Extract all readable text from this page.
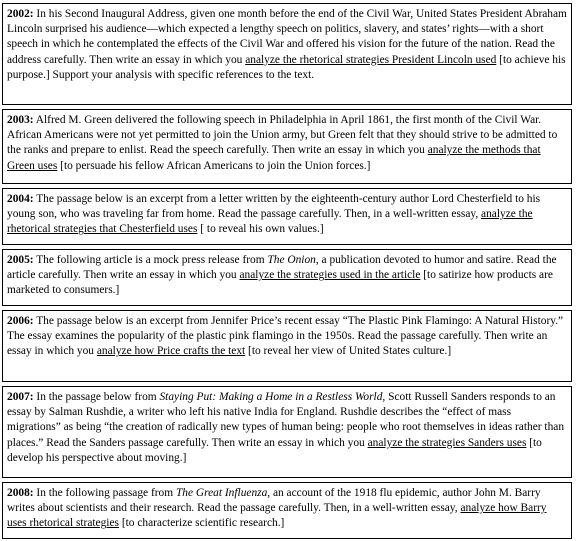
2002: In his Second Inaugural Address, given one month before the end of the Civil War, United States President Abraham Lincoln surprised his audience—which expected a lengthy speech on politics, slavery, and states’ rights—with a short speech in which he contemplated the effects of the Civil War and offered his vision for the future of the nation. Read the address carefully. Then write an essay in which you analyze the rhetorical strategies President Lincoln used [to achieve his purpose.] Support your analysis with specific references to the text.
2003: Alfred M. Green delivered the following speech in Philadelphia in April 1861, the first month of the Civil War. African Americans were not yet permitted to join the Union army, but Green felt that they should strive to be admitted to the ranks and prepare to enlist. Read the speech carefully. Then write an essay in which you analyze the methods that Green uses [to persuade his fellow African Americans to join the Union forces.]
2004: The passage below is an excerpt from a letter written by the eighteenth-century author Lord Chesterfield to his young son, who was traveling far from home. Read the passage carefully. Then, in a well-written essay, analyze the rhetorical strategies that Chesterfield uses [ to reveal his own values.]
2005: The following article is a mock press release from The Onion, a publication devoted to humor and satire. Read the article carefully. Then write an essay in which you analyze the strategies used in the article [to satirize how products are marketed to consumers.]
2006: The passage below is an excerpt from Jennifer Price’s recent essay “The Plastic Pink Flamingo: A Natural History.” The essay examines the popularity of the plastic pink flamingo in the 1950s. Read the passage carefully. Then write an essay in which you analyze how Price crafts the text [to reveal her view of United States culture.]
2007: In the passage below from Staying Put: Making a Home in a Restless World, Scott Russell Sanders responds to an essay by Salman Rushdie, a writer who left his native India for England. Rushdie describes the “effect of mass migrations” as being “the creation of radically new types of human being: people who root themselves in ideas rather than places.” Read the Sanders passage carefully. Then write an essay in which you analyze the strategies Sanders uses [to develop his perspective about moving.]
2008: In the following passage from The Great Influenza, an account of the 1918 flu epidemic, author John M. Barry writes about scientists and their research. Read the passage carefully. Then, in a well-written essay, analyze how Barry uses rhetorical strategies [to characterize scientific research.]
